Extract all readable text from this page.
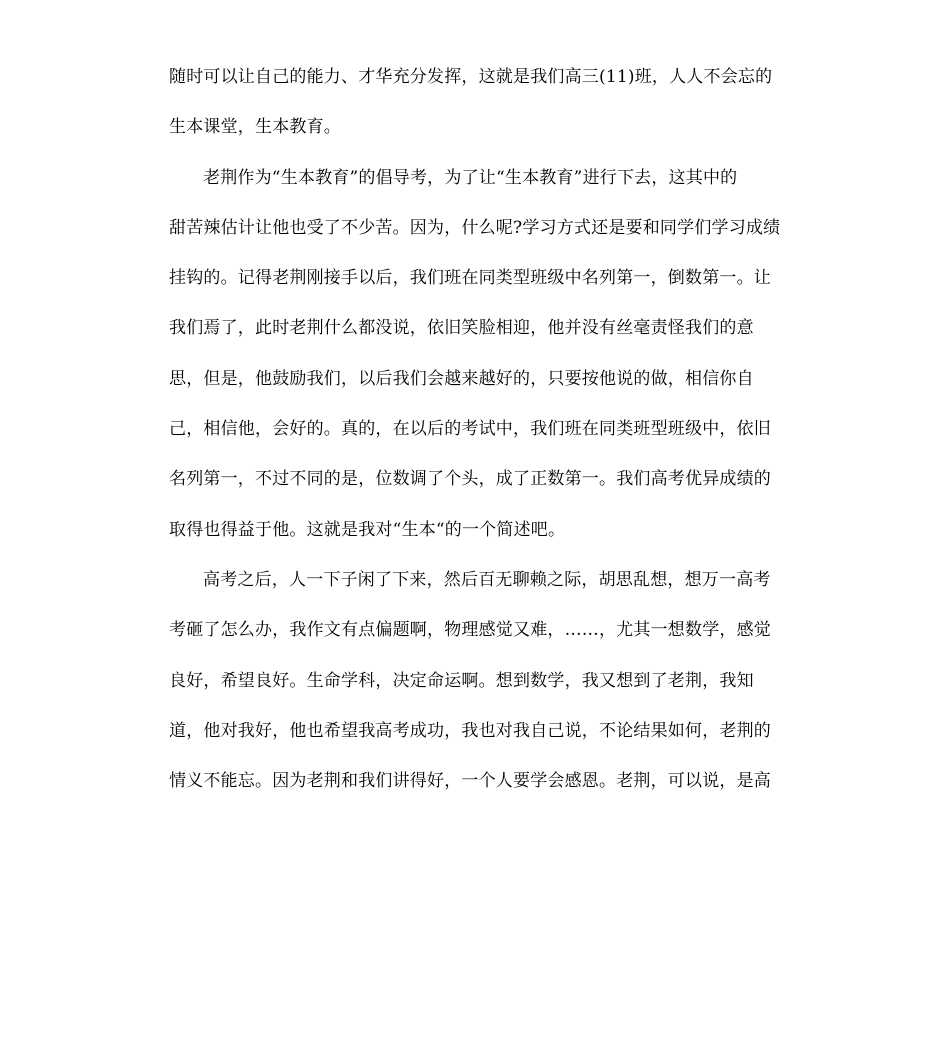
随时可以让自己的能力、才华充分发挥，这就是我们高三(11)班，人人不会忘的
生本课堂，生本教育。
老荆作为“生本教育”的倡导考，为了让“生本教育”进行下去，这其中的
甜苦辣估计让他也受了不少苦。因为，什么呢?学习方式还是要和同学们学习成绩
挂钩的。记得老荆刚接手以后，我们班在同类型班级中名列第一，倒数第一。让
我们焉了，此时老荆什么都没说，依旧笑脸相迎，他并没有丝毫责怪我们的意
思，但是，他鼓励我们，以后我们会越来越好的，只要按他说的做，相信你自
己，相信他，会好的。真的，在以后的考试中，我们班在同类班型班级中，依旧
名列第一，不过不同的是，位数调了个头，成了正数第一。我们高考优异成绩的
取得也得益于他。这就是我对“生本“的一个简述吧。
高考之后，人一下子闲了下来，然后百无聊赖之际，胡思乱想，想万一高考
考砸了怎么办，我作文有点偏题啊，物理感觉又难，……，尤其一想数学，感觉
良好，希望良好。生命学科，决定命运啊。想到数学，我又想到了老荆，我知
道，他对我好，他也希望我高考成功，我也对我自己说，不论结果如何，老荆的
情义不能忘。因为老荆和我们讲得好，一个人要学会感恩。老荆，可以说，是高
